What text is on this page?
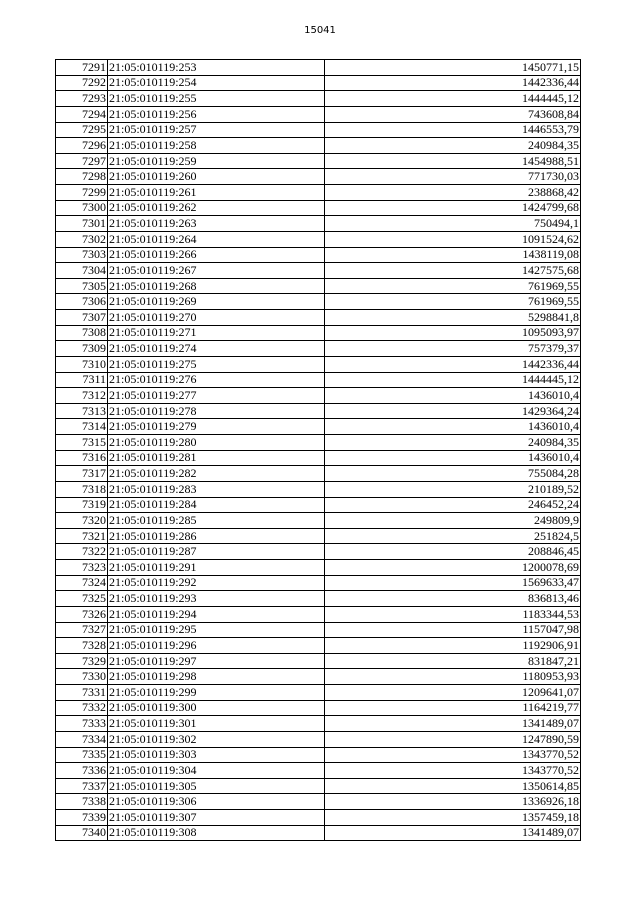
15041
7291	21:05:010119:253	1450771,15
7292	21:05:010119:254	1442336,44
7293	21:05:010119:255	1444445,12
7294	21:05:010119:256	743608,84
7295	21:05:010119:257	1446553,79
7296	21:05:010119:258	240984,35
7297	21:05:010119:259	1454988,51
7298	21:05:010119:260	771730,03
7299	21:05:010119:261	238868,42
7300	21:05:010119:262	1424799,68
7301	21:05:010119:263	750494,1
7302	21:05:010119:264	1091524,62
7303	21:05:010119:266	1438119,08
7304	21:05:010119:267	1427575,68
7305	21:05:010119:268	761969,55
7306	21:05:010119:269	761969,55
7307	21:05:010119:270	5298841,8
7308	21:05:010119:271	1095093,97
7309	21:05:010119:274	757379,37
7310	21:05:010119:275	1442336,44
7311	21:05:010119:276	1444445,12
7312	21:05:010119:277	1436010,4
7313	21:05:010119:278	1429364,24
7314	21:05:010119:279	1436010,4
7315	21:05:010119:280	240984,35
7316	21:05:010119:281	1436010,4
7317	21:05:010119:282	755084,28
7318	21:05:010119:283	210189,52
7319	21:05:010119:284	246452,24
7320	21:05:010119:285	249809,9
7321	21:05:010119:286	251824,5
7322	21:05:010119:287	208846,45
7323	21:05:010119:291	1200078,69
7324	21:05:010119:292	1569633,47
7325	21:05:010119:293	836813,46
7326	21:05:010119:294	1183344,53
7327	21:05:010119:295	1157047,98
7328	21:05:010119:296	1192906,91
7329	21:05:010119:297	831847,21
7330	21:05:010119:298	1180953,93
7331	21:05:010119:299	1209641,07
7332	21:05:010119:300	1164219,77
7333	21:05:010119:301	1341489,07
7334	21:05:010119:302	1247890,59
7335	21:05:010119:303	1343770,52
7336	21:05:010119:304	1343770,52
7337	21:05:010119:305	1350614,85
7338	21:05:010119:306	1336926,18
7339	21:05:010119:307	1357459,18
7340	21:05:010119:308	1341489,07
